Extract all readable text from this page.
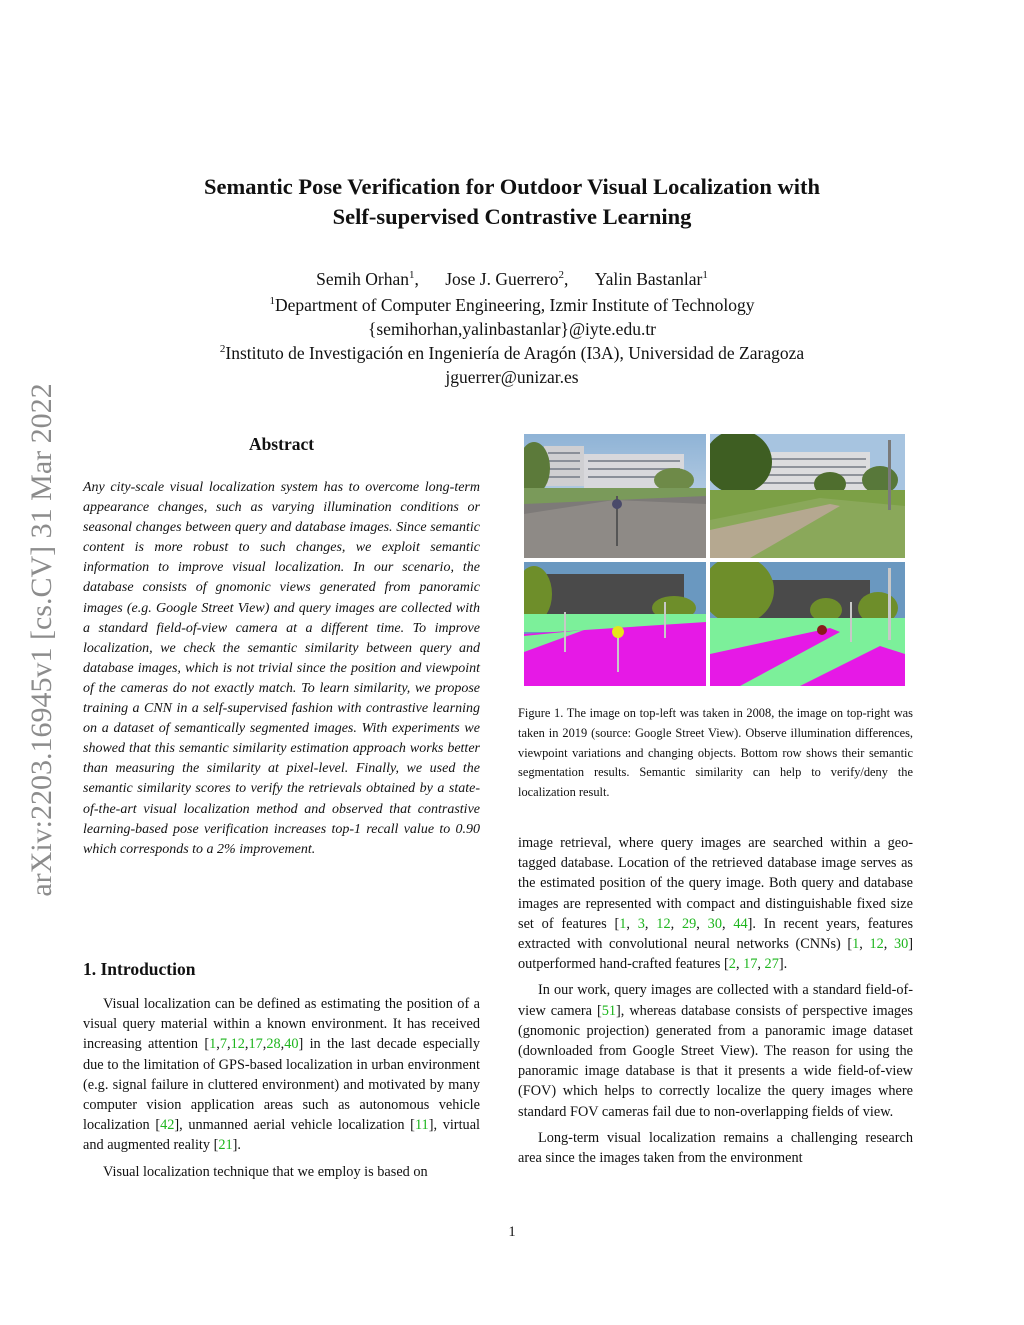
arXiv:2203.16945v1 [cs.CV] 31 Mar 2022
Semantic Pose Verification for Outdoor Visual Localization with
Self-supervised Contrastive Learning
Semih Orhan$^1$, Jose J. Guerrero$^2$, Yalin Bastanlar$^1$
$^1$Department of Computer Engineering, Izmir Institute of Technology
{semihorhan,yalinbastanlar}@iyte.edu.tr
$^2$Instituto de Investigación en Ingeniería de Aragón (I3A), Universidad de Zaragoza
jguerrer@unizar.es
Abstract
Any city-scale visual localization system has to overcome long-term appearance changes, such as varying illumination conditions or seasonal changes between query and database images. Since semantic content is more robust to such changes, we exploit semantic information to improve visual localization. In our scenario, the database consists of gnomonic views generated from panoramic images (e.g. Google Street View) and query images are collected with a standard field-of-view camera at a different time. To improve localization, we check the semantic similarity between query and database images, which is not trivial since the position and viewpoint of the cameras do not exactly match. To learn similarity, we propose training a CNN in a self-supervised fashion with contrastive learning on a dataset of semantically segmented images. With experiments we showed that this semantic similarity estimation approach works better than measuring the similarity at pixel-level. Finally, we used the semantic similarity scores to verify the retrievals obtained by a state-of-the-art visual localization method and observed that contrastive learning-based pose verification increases top-1 recall value to 0.90 which corresponds to a 2% improvement.
1. Introduction

Visual localization can be defined as estimating the position of a visual query material within a known environment. It has received increasing attention [1,7,12,17,28,40] in the last decade especially due to the limitation of GPS-based localization in urban environment (e.g. signal failure in cluttered environment) and motivated by many computer vision application areas such as autonomous vehicle localization [42], unmanned aerial vehicle localization [11], virtual and augmented reality [21].

Visual localization technique that we employ is based on

Figure 1. The image on top-left was taken in 2008, the image on top-right was taken in 2019 (source: Google Street View). Observe illumination differences, viewpoint variations and changing objects. Bottom row shows their semantic segmentation results. Semantic similarity can help to verify/deny the localization result.

image retrieval, where query images are searched within a geo-tagged database. Location of the retrieved database image serves as the estimated position of the query image. Both query and database images are represented with compact and distinguishable fixed size set of features [1, 3, 12, 29, 30, 44]. In recent years, features extracted with convolutional neural networks (CNNs) [1, 12, 30] outperformed hand-crafted features [2, 17, 27].

In our work, query images are collected with a standard field-of-view camera [51], whereas database consists of perspective images (gnomonic projection) generated from a panoramic image dataset (downloaded from Google Street View). The reason for using the panoramic image database is that it presents a wide field-of-view (FOV) which helps to correctly localize the query images where standard FOV cameras fail due to non-overlapping fields of view.

Long-term visual localization remains a challenging research area since the images taken from the environment

1
